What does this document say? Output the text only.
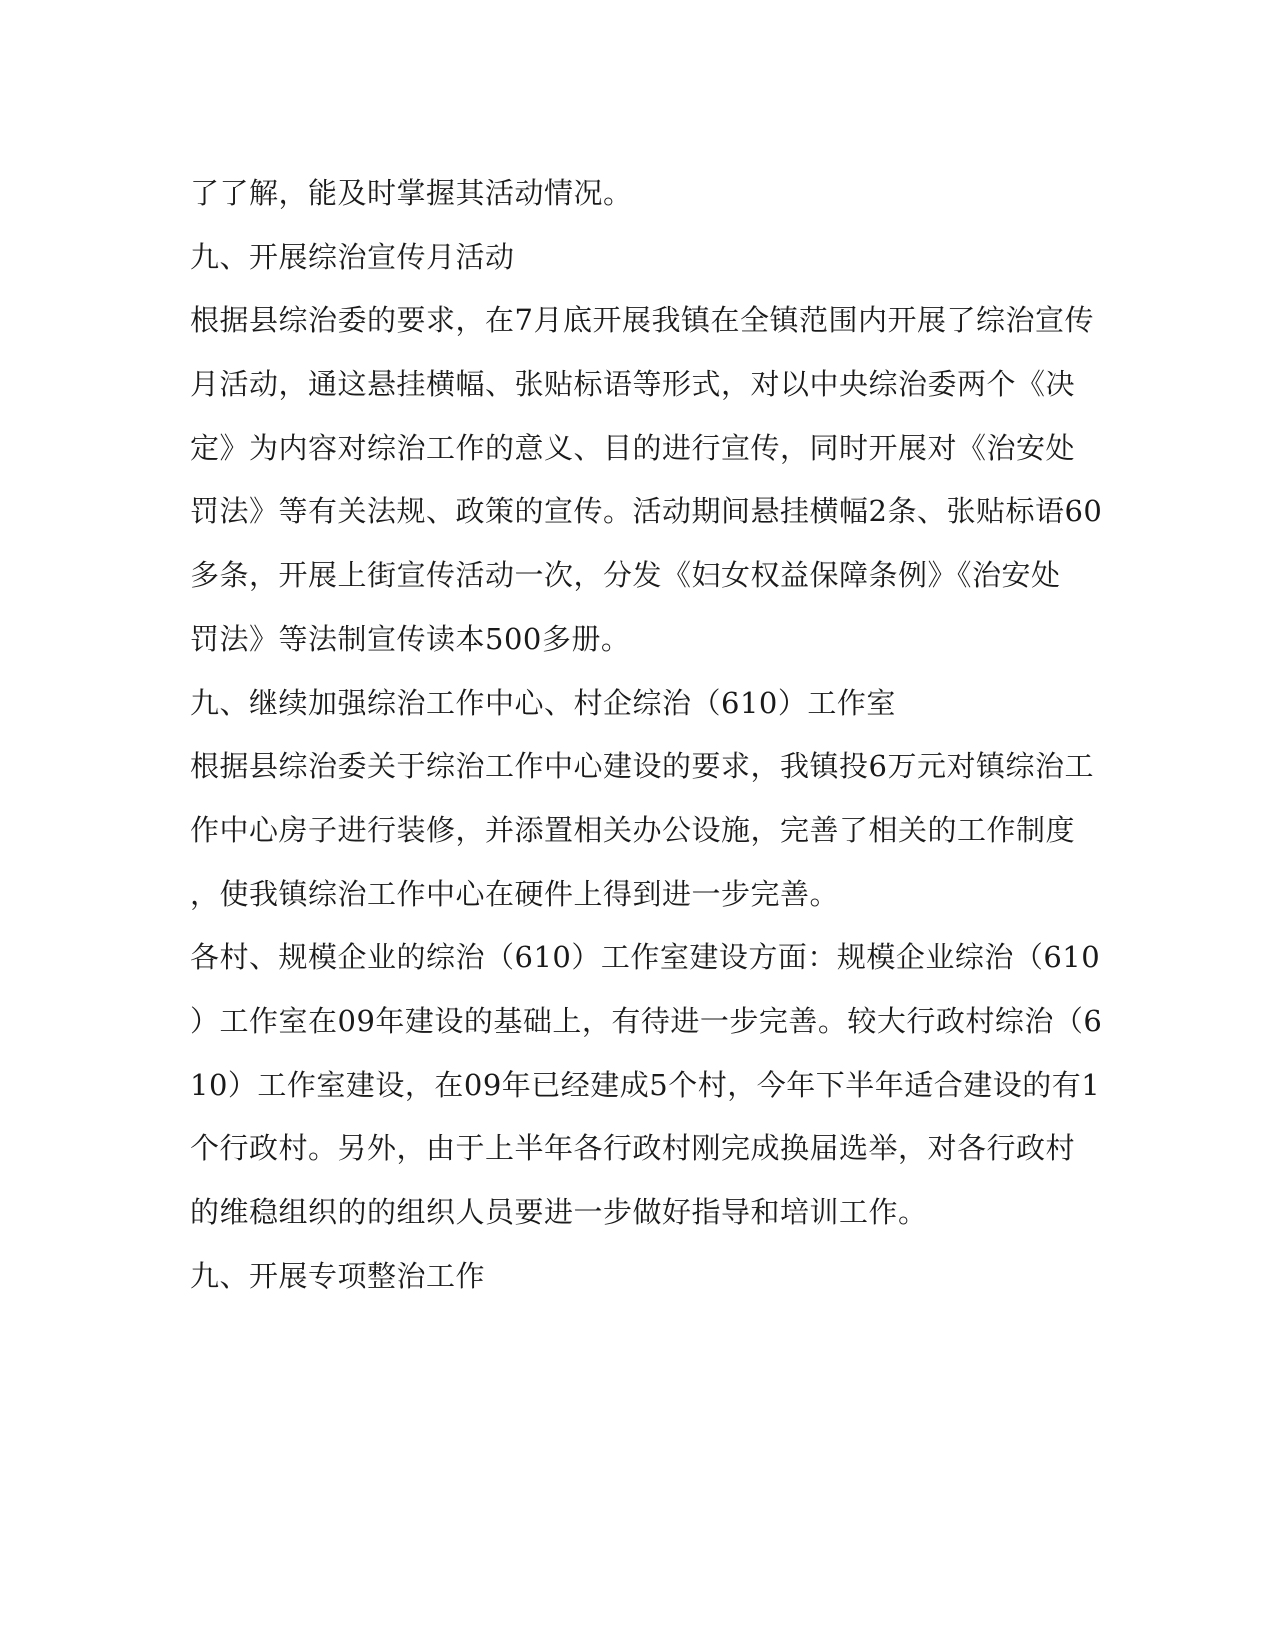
了了解，能及时掌握其活动情况。
九、开展综治宣传月活动
根据县综治委的要求，在7月底开展我镇在全镇范围内开展了综治宣传
月活动，通这悬挂横幅、张贴标语等形式，对以中央综治委两个《决
定》为内容对综治工作的意义、目的进行宣传，同时开展对《治安处
罚法》等有关法规、政策的宣传。活动期间悬挂横幅2条、张贴标语60
多条，开展上街宣传活动一次，分发《妇女权益保障条例》《治安处
罚法》等法制宣传读本500多册。
九、继续加强综治工作中心、村企综治（610）工作室
根据县综治委关于综治工作中心建设的要求，我镇投6万元对镇综治工
作中心房子进行装修，并添置相关办公设施，完善了相关的工作制度
，使我镇综治工作中心在硬件上得到进一步完善。
各村、规模企业的综治（610）工作室建设方面：规模企业综治（610
）工作室在09年建设的基础上，有待进一步完善。较大行政村综治（6
10）工作室建设，在09年已经建成5个村，今年下半年适合建设的有1
个行政村。另外，由于上半年各行政村刚完成换届选举，对各行政村
的维稳组织的的组织人员要进一步做好指导和培训工作。
九、开展专项整治工作
